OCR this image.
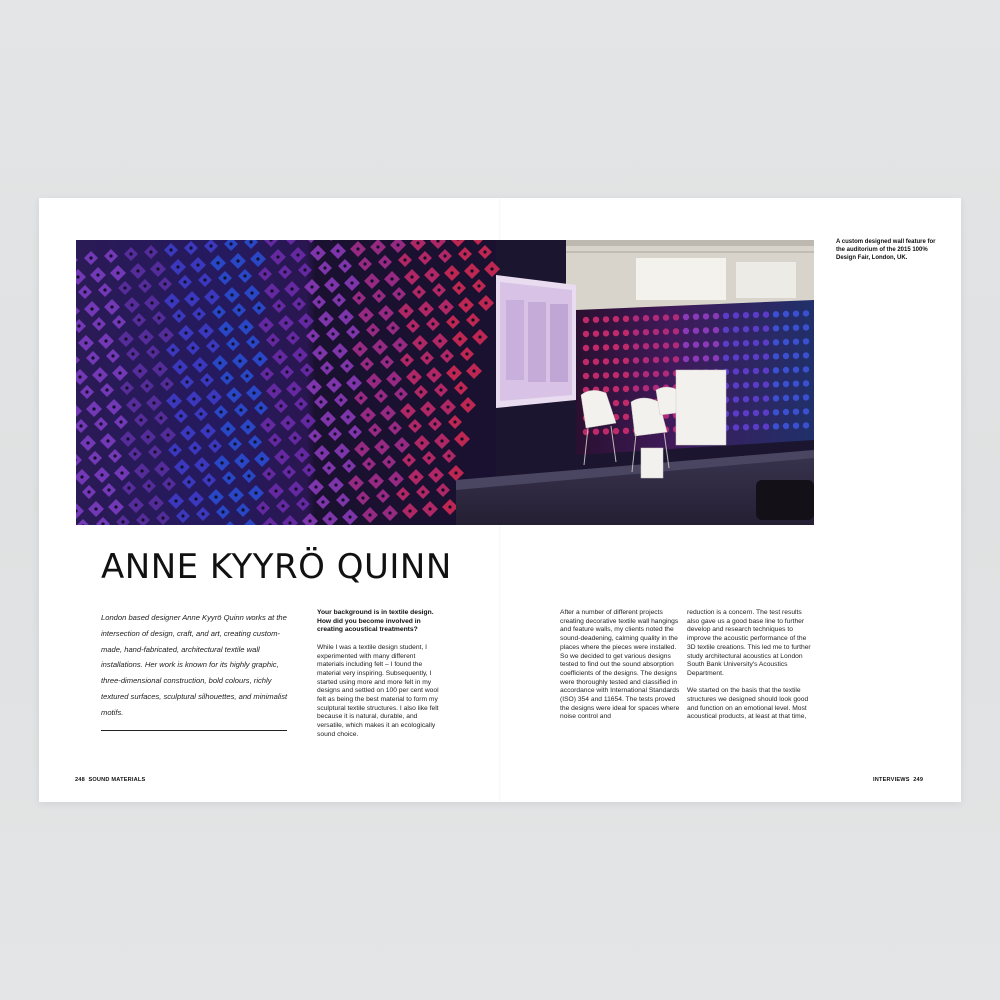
A custom designed wall feature for the auditorium of the 2015 100% Design Fair, London, UK.
ANNE KYYRÖ QUINN
London based designer Anne Kyyrö Quinn works at the intersection of design, craft, and art, creating custom-made, hand-fabricated, architectural textile wall installations. Her work is known for its highly graphic, three-dimensional construction, bold colours, richly textured surfaces, sculptural silhouettes, and minimalist motifs.

Your background is in textile design. How did you become involved in creating acoustical treatments?

While I was a textile design student, I experimented with many different materials including felt – I found the material very inspiring. Subsequently, I started using more and more felt in my designs and settled on 100 per cent wool felt as being the best material to form my sculptural textile structures. I also like felt because it is natural, durable, and versatile, which makes it an ecologically sound choice.

After a number of different projects creating decorative textile wall hangings and feature walls, my clients noted the sound-deadening, calming quality in the places where the pieces were installed. So we decided to get various designs tested to find out the sound absorption coefficients of the designs. The designs were thoroughly tested and classified in accordance with International Standards (ISO) 354 and 11654. The tests proved the designs were ideal for spaces where noise control and

reduction is a concern. The test results also gave us a good base line to further develop and research techniques to improve the acoustic performance of the 3D textile creations. This led me to further study architectural acoustics at London South Bank University's Acoustics Department.

We started on the basis that the textile structures we designed should look good and function on an emotional level. Most acoustical products, at least at that time,

248 SOUND MATERIALS	INTERVIEWS 249
